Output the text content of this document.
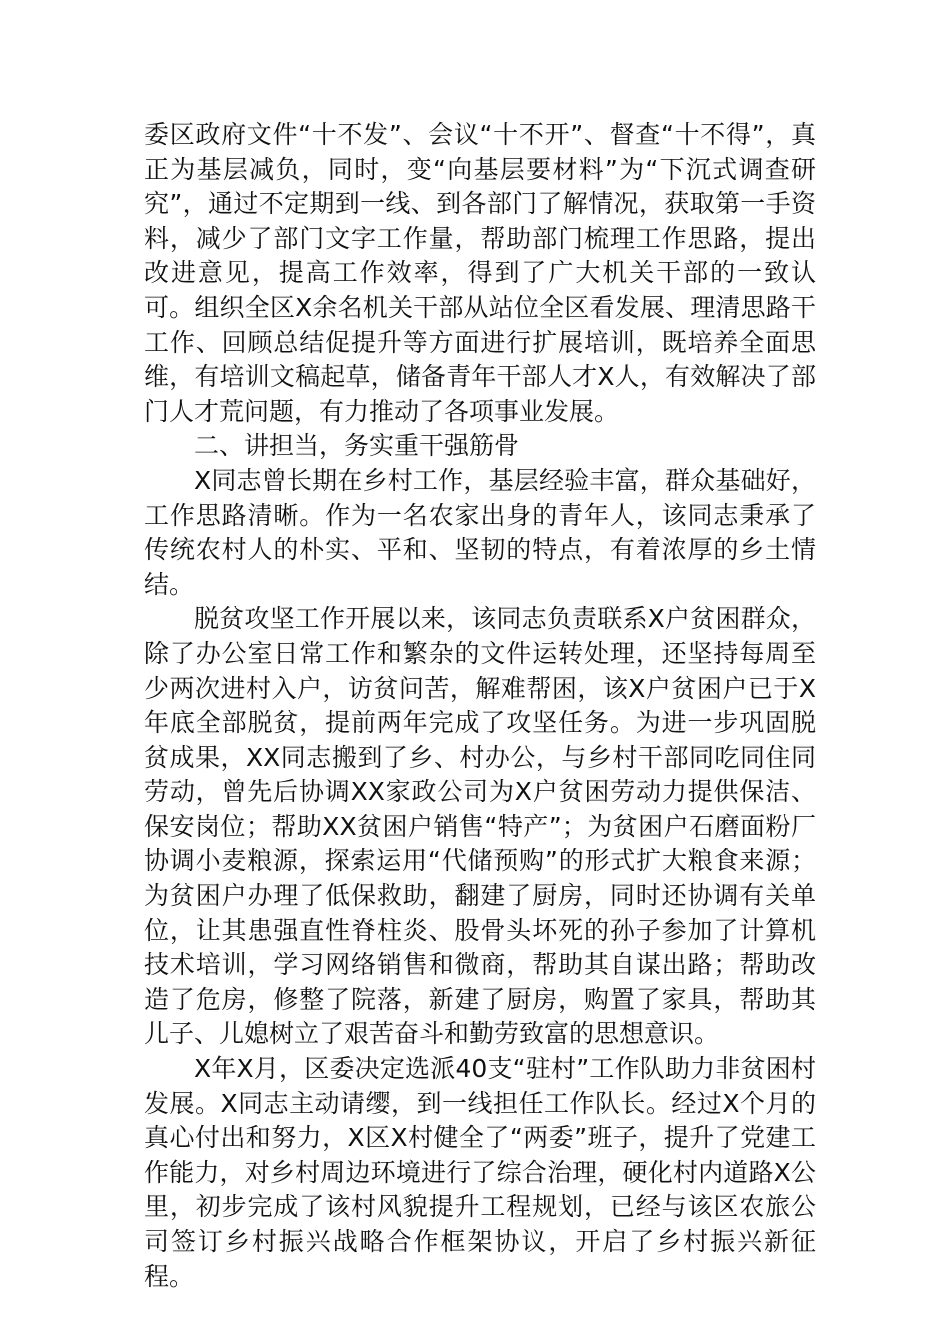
委区政府文件“十不发”、会议“十不开”、督查“十不得”，真正为基层减负，同时，变“向基层要材料”为“下沉式调查研究”，通过不定期到一线、到各部门了解情况，获取第一手资料，减少了部门文字工作量，帮助部门梳理工作思路，提出改进意见，提高工作效率，得到了广大机关干部的一致认可。组织全区X余名机关干部从站位全区看发展、理清思路干工作、回顾总结促提升等方面进行扩展培训，既培养全面思维，有培训文稿起草，储备青年干部人才X人，有效解决了部门人才荒问题，有力推动了各项事业发展。

二、讲担当，务实重干强筋骨

X同志曾长期在乡村工作，基层经验丰富，群众基础好，工作思路清晰。作为一名农家出身的青年人，该同志秉承了传统农村人的朴实、平和、坚韧的特点，有着浓厚的乡土情结。

脱贫攻坚工作开展以来，该同志负责联系X户贫困群众，除了办公室日常工作和繁杂的文件运转处理，还坚持每周至少两次进村入户，访贫问苦，解难帮困，该X户贫困户已于X年底全部脱贫，提前两年完成了攻坚任务。为进一步巩固脱贫成果，XX同志搬到了乡、村办公，与乡村干部同吃同住同劳动，曾先后协调XX家政公司为X户贫困劳动力提供保洁、保安岗位；帮助XX贫困户销售“特产”；为贫困户石磨面粉厂协调小麦粮源，探索运用“代储预购”的形式扩大粮食来源；为贫困户办理了低保救助，翻建了厨房，同时还协调有关单位，让其患强直性脊柱炎、股骨头坏死的孙子参加了计算机技术培训，学习网络销售和微商，帮助其自谋出路；帮助改造了危房，修整了院落，新建了厨房，购置了家具，帮助其儿子、儿媳树立了艰苦奋斗和勤劳致富的思想意识。

X年X月，区委决定选派40支“驻村”工作队助力非贫困村发展。X同志主动请缨，到一线担任工作队长。经过X个月的真心付出和努力，X区X村健全了“两委”班子，提升了党建工作能力，对乡村周边环境进行了综合治理，硬化村内道路X公里，初步完成了该村风貌提升工程规划，已经与该区农旅公司签订乡村振兴战略合作框架协议，开启了乡村振兴新征程。
